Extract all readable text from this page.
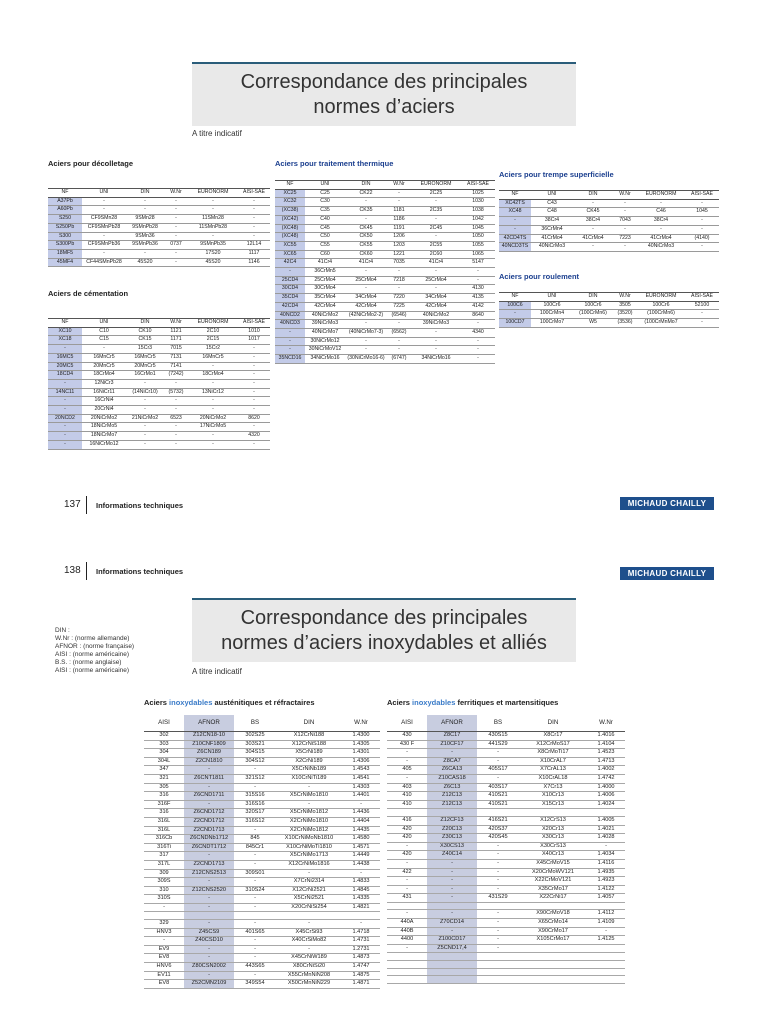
Correspondance des principales
normes d’aciers
A titre indicatif
Aciers pour décolletage
NF	UNI	DIN	W.Nr	EURONORM	AISI-SAE
A37Pb	-	-	-	-	-
A60Pb	-	-	-	-	-
S250	CF9SMn28	9SMn28	-	11SMn28	-
S250Pb	CF9SMnPb28	9SMnPb28	-	11SMnPb28	-
S300	-	9SMn36	-	-	-
S300Pb	CF9SMnPb36	9SMnPb36	0737	9SMnPb35	12L14
18MF5	-	-	-	17S20	1117
45MF4	CF44SMnPb28	45S20	-	45S20	1146
Aciers de cémentation
NF	UNI	DIN	W.Nr	EURONORM	AISI-SAE
XC10	C10	CK10	1121	2C10	1010
XC18	C15	CK15	1171	2C15	1017
-	-	15Cr3	7015	15Cr2	-
16MC5	16MnCr5	16MnCr5	7131	16MnCr5	-
20MC5	20MnCr5	20MnCr5	7141	-	-
18CD4	18CrMo4	16CrMo1	(7242)	18CrMo4	-
-	12NiCr3	-	-	-	-
14NC11	16NiCr11	(14NiCr10)	(5732)	13NiCr12	-
-	16CrNi4	-	-	-	-
-	20CrNi4	-	-	-	-
20NCD2	20NiCrMo2	21NiCrMo2	6523	20NiCrMo2	8620
-	18NiCrMo5	-	-	17NiCrMo5	-
-	18NiCrMo7	-	-	-	4320
-	16NiCrMo12	-	-	-	-
Aciers pour traitement thermique
NF	UNI	DIN	W.Nr	EURONORM	AISI-SAE
XC25	C25	CK22	-	2C25	1025
XC32	C30	-	-	-	1030
(XC38)	C35	CK35	1181	2C35	1038
(XC42)	C40	-	1186	-	1042
(XC48)	C45	CK45	1191	2C45	1045
(XC48)	C50	CK50	1206	-	1050
XC55	C55	CK55	1203	2C55	1055
XC65	C60	CK60	1221	2C60	1065
42C4	41Cr4	41Cr4	7035	41Cr4	5147
-	36CrMn5	-	-	-	-
25CD4	25CrMo4	25CrMo4	7218	25CrMo4	-
30CD4	30CrMo4	-	-	-	4130
35CD4	35CrMo4	34CrMo4	7220	34CrMo4	4135
42CD4	42CrMo4	42CrMo4	7225	42CrMo4	4142
40NCD2	40NiCrMo2	(42NiCrMo2-2)	(6546)	40NiCrMo2	8640
40NCD3	39NiCrMo3	-	-	39NiCrMo3	-
-	40NiCrMo7	(40NiCrMo7-3)	(6562)	-	4340
-	30NiCrMo12	-	-	-	-
-	30NiCrMoV12	-	-	-	-
35NCD16	34NiCrMo16	(30NiCrMo16-6)	(6747)	34NiCrMo16	-
Aciers pour trempe superficielle
NF	UNI	DIN	W.Nr	EURONORM	AISI-SAE
XC42TS	C43	-	-	-	-
XC48	C48	CK45	-	C46	1045
-	38Cr4	38Cr4	7043	38Cr4	-
-	36CrMn4	-	-	-	-
42CD4TS	41CrMo4	41CrMo4	7223	41CrMo4	(4140)
40NCD3TS	40NiCrMo3	-	-	40NiCrMo3	-
Aciers pour roulement
NF	UNI	DIN	W.Nr	EURONORM	AISI-SAE
100C6	100Cr6	100Cr6	3505	100Cr6	52100
-	100CrMn4	(100CrMn6)	(3520)	(100CrMn6)	-
100CD7	100CrMo7	W5	(3536)	(100CrMnMo7	-
137 Informations techniques	MICHAUD CHAILLY
138 Informations techniques	MICHAUD CHAILLY
Correspondance des principales
normes d’aciers inoxydables et alliés
A titre indicatif
DIN :
W.Nr : (norme allemande)
AFNOR : (norme française)
AISI : (norme américaine)
B.S. : (norme anglaise)
AISI : (norme américaine)
Aciers inoxydables austénitiques et réfractaires
AISI	AFNOR	BS	DIN	W.Nr
302	Z12CN18-10	302S25	X12CrNi188	1.4300
303	Z10CNF1809	303S21	X12CrNiS188	1.4305
304	Z6CN189	304S15	X5CrNi189	1.4301
304L	Z2CN1810	304S12	X2CrNi189	1.4306
347	-	-	X5CrNiNb189	1.4543
321	Z6CNT1811	321S12	X10CrNiTi189	1.4541
305	-	-	-	1.4303
316	Z6CND1711	315S16	X5CrNiMo1810	1.4401
316F	-	316S16	-	-
316	Z6CND1712	320S17	X5CrNiMo1812	1.4436
316L	Z2CND1712	316S12	X2CrNiMo1810	1.4404
316L	Z2CND1713	-	X2CrNiMo1812	1.4435
316Cb	Z6CNDNb1712	845	X10CrNiMoNb1810	1.4580
316Ti	Z6CNDT1712	845Cr1	X10CrNiMoTi1810	1.4571
317	-	-	X5CrNiMo1713	1.4449
317L	Z2CND1713	-	X12CrNiMo1816	1.4438
309	Z12CNS2513	309S01	-	-
309S	-	-	X7CrNi2314	1.4833
310	Z12CNS2520	310S24	X12CrNi2521	1.4845
310S	-	-	X5CrNi2521	1.4335
-	-	-	X20CrNiSi254	1.4821

329	-	-	-	-
HNV3	Z45CS9	401S65	X45CrSi93	1.4718
-	Z40CSD10	-	X40CrSiMo82	1.4731
EV9	-	-	-	1.2731
EV8	-	-	X45CrNiW189	1.4873
HNV6	Z80CSN2002	443S65	X80CrNiSi20	1.4747
EV11	-	-	X55CrMnNiN208	1.4875
EV8	Z52CMN2109	349S54	X50CrMnNiN229	1.4871
Aciers inoxydables ferritiques et martensitiques
AISI	AFNOR	BS	DIN	W.Nr
430	Z8C17	430S15	X8Cr17	1.4016
430 F	Z10CF17	441S29	X12CrMoS17	1.4104
-	-	-	X8CrMoTi17	1.4523
-	Z8CA7	-	X10CrAL7	1.4713
405	Z6CA13	405S17	X7CrAL13	1.4002
-	Z10CAS18	-	X10CrAL18	1.4742
403	Z6C13	403S17	X7Cr13	1.4000
410	Z12C13	410S21	X10Cr13	1.4006
410	Z12C13	410S21	X15Cr13	1.4024

416	Z12CF13	416S21	X12CrS13	1.4005
420	Z20C13	420S37	X20Cr13	1.4021
420	Z30C13	420S45	X30Cr13	1.4028
-	X30CS13	-	X30CrS13	-
420	Z40C14	-	X40Cr13	1.4034
-	-	-	X45CrMoV15	1.4116
422	-	-	X20CrMoWV121	1.4935
-	-	-	X22CrMoV121	1.4923
-	-	-	X35CrMo17	1.4122
431	-	431S29	X22CrNi17	1.4057

-	-	-	X90CrMoV18	1.4112
440A	Z70CD14	-	X65CrMo14	1.4109
440B	-	-	X90CrMo17	-
4400	Z100CD17	-	X105CrMo17	1.4125
-	Z5CND17,4	-		
